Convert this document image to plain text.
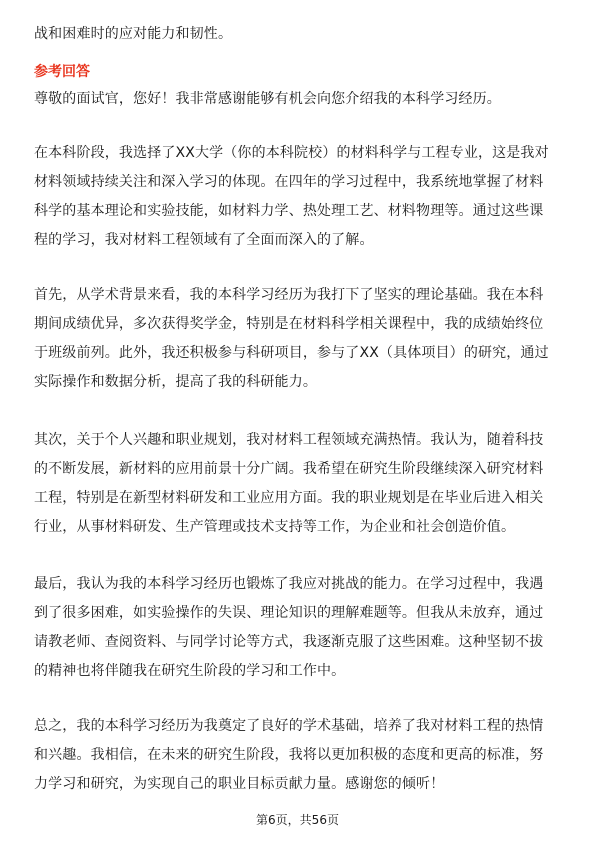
战和困难时的应对能力和韧性。
参考回答
尊敬的面试官，您好！我非常感谢能够有机会向您介绍我的本科学习经历。
在本科阶段，我选择了XX大学（你的本科院校）的材料科学与工程专业，这是我对
材料领域持续关注和深入学习的体现。在四年的学习过程中，我系统地掌握了材料
科学的基本理论和实验技能，如材料力学、热处理工艺、材料物理等。通过这些课
程的学习，我对材料工程领域有了全面而深入的了解。
首先，从学术背景来看，我的本科学习经历为我打下了坚实的理论基础。我在本科
期间成绩优异，多次获得奖学金，特别是在材料科学相关课程中，我的成绩始终位
于班级前列。此外，我还积极参与科研项目，参与了XX（具体项目）的研究，通过
实际操作和数据分析，提高了我的科研能力。
其次，关于个人兴趣和职业规划，我对材料工程领域充满热情。我认为，随着科技
的不断发展，新材料的应用前景十分广阔。我希望在研究生阶段继续深入研究材料
工程，特别是在新型材料研发和工业应用方面。我的职业规划是在毕业后进入相关
行业，从事材料研发、生产管理或技术支持等工作，为企业和社会创造价值。
最后，我认为我的本科学习经历也锻炼了我应对挑战的能力。在学习过程中，我遇
到了很多困难，如实验操作的失误、理论知识的理解难题等。但我从未放弃，通过
请教老师、查阅资料、与同学讨论等方式，我逐渐克服了这些困难。这种坚韧不拔
的精神也将伴随我在研究生阶段的学习和工作中。
总之，我的本科学习经历为我奠定了良好的学术基础，培养了我对材料工程的热情
和兴趣。我相信，在未来的研究生阶段，我将以更加积极的态度和更高的标准，努
力学习和研究，为实现自己的职业目标贡献力量。感谢您的倾听！
第6页，共56页
